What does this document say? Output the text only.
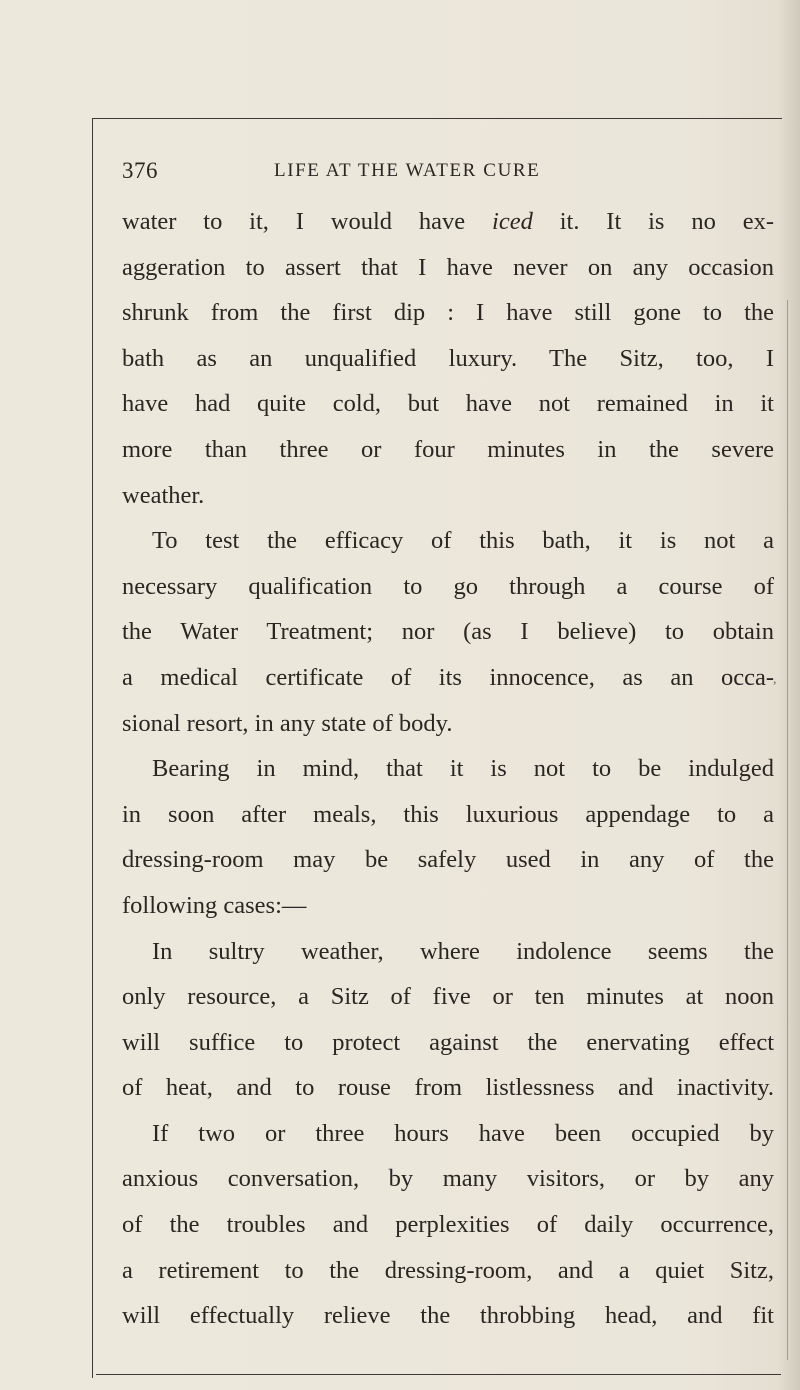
376	LIFE AT THE WATER CURE
water to it, I would have iced it. It is no ex-
aggeration to assert that I have never on any occasion
shrunk from the first dip : I have still gone to the
bath as an unqualified luxury. The Sitz, too, I
have had quite cold, but have not remained in it
more than three or four minutes in the severe
weather.
To test the efficacy of this bath, it is not a
necessary qualification to go through a course of
the Water Treatment; nor (as I believe) to obtain
a medical certificate of its innocence, as an occa-
sional resort, in any state of body.
Bearing in mind, that it is not to be indulged
in soon after meals, this luxurious appendage to a
dressing-room may be safely used in any of the
following cases:—
In sultry weather, where indolence seems the
only resource, a Sitz of five or ten minutes at noon
will suffice to protect against the enervating effect
of heat, and to rouse from listlessness and inactivity.
If two or three hours have been occupied by
anxious conversation, by many visitors, or by any
of the troubles and perplexities of daily occurrence,
a retirement to the dressing-room, and a quiet Sitz,
will effectually relieve the throbbing head, and fit
,
